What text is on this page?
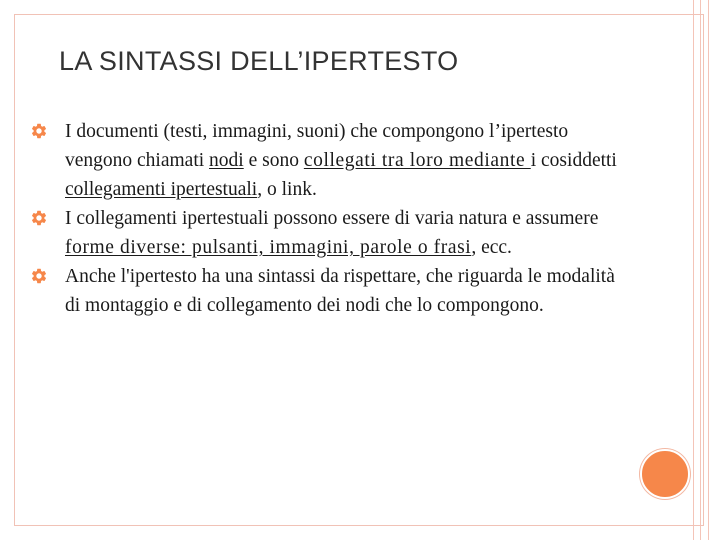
LA SINTASSI DELL’IPERTESTO

I documenti (testi, immagini, suoni) che compongono l’ipertesto vengono chiamati nodi e sono collegati tra loro mediante i cosiddetti collegamenti ipertestuali, o link.

I collegamenti ipertestuali possono essere di varia natura e assumere forme diverse: pulsanti, immagini, parole o frasi, ecc.

Anche l'ipertesto ha una sintassi da rispettare, che riguarda le modalità di montaggio e di collegamento dei nodi che lo compongono.
